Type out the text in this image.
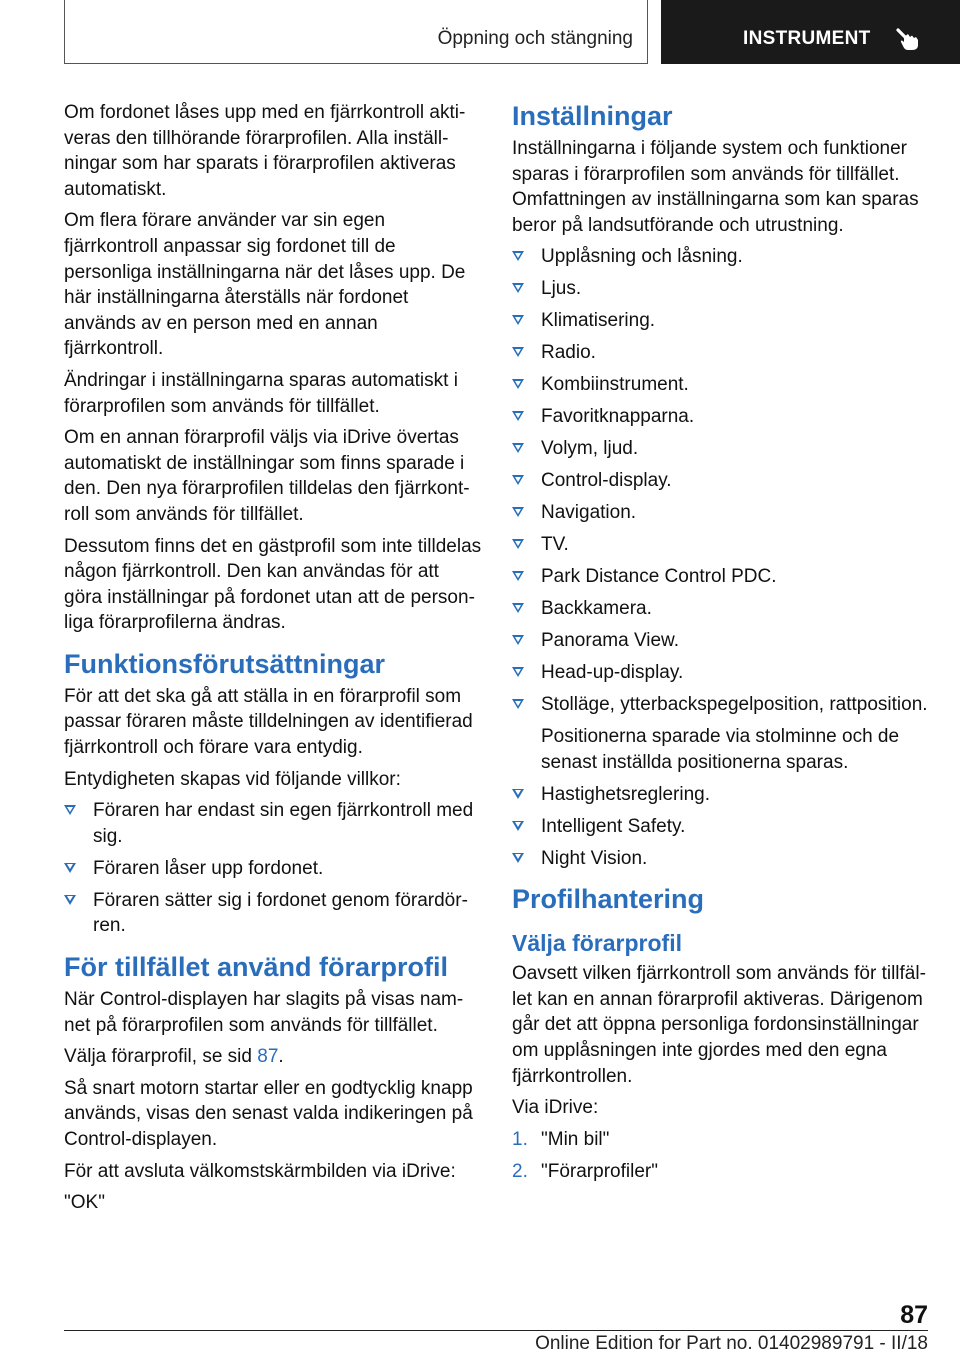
Öppning och stängning	INSTRUMENT

Om fordonet låses upp med en fjärrkontroll aktiveras den tillhörande förarprofilen. Alla inställningar som har sparats i förarprofilen aktiveras automatiskt.

Om flera förare använder var sin egen fjärrkontroll anpassar sig fordonet till de personliga inställningarna när det låses upp. De här inställningarna återställs när fordonet används av en person med en annan fjärrkontroll.

Ändringar i inställningarna sparas automatiskt i förarprofilen som används för tillfället.

Om en annan förarprofil väljs via iDrive övertas automatiskt de inställningar som finns sparade i den. Den nya förarprofilen tilldelas den fjärrkontroll som används för tillfället.

Dessutom finns det en gästprofil som inte tilldelas någon fjärrkontroll. Den kan användas för att göra inställningar på fordonet utan att de personliga förarprofilerna ändras.

Funktionsförutsättningar

För att det ska gå att ställa in en förarprofil som passar föraren måste tilldelningen av identifierad fjärrkontroll och förare vara entydig.

Entydigheten skapas vid följande villkor:

Föraren har endast sin egen fjärrkontroll med sig.
Föraren låser upp fordonet.
Föraren sätter sig i fordonet genom förardörren.
För tillfället använd förarprofil

När Control-displayen har slagits på visas namnet på förarprofilen som används för tillfället.

Välja förarprofil, se sid 87.

Så snart motorn startar eller en godtycklig knapp används, visas den senast valda indikeringen på Control-displayen.

För att avsluta välkomstskärmbilden via iDrive:

"OK"

Inställningar

Inställningarna i följande system och funktioner sparas i förarprofilen som används för tillfället. Omfattningen av inställningarna som kan sparas beror på landsutförande och utrustning.

Upplåsning och låsning.
Ljus.
Klimatisering.
Radio.
Kombiinstrument.
Favoritknapparna.
Volym, ljud.
Control-display.
Navigation.
TV.
Park Distance Control PDC.
Backkamera.
Panorama View.
Head-up-display.
Stolläge, ytterbackspegelposition, rattposition.
Positionerna sparade via stolminne och de senast inställda positionerna sparas.
Hastighetsreglering.
Intelligent Safety.
Night Vision.
Profilhantering
Välja förarprofil

Oavsett vilken fjärrkontroll som används för tillfället kan en annan förarprofil aktiveras. Därigenom går det att öppna personliga fordonsinställningar om upplåsningen inte gjordes med den egna fjärrkontrollen.

Via iDrive:

1. "Min bil"
2. "Förarprofiler"
87
Online Edition for Part no. 01402989791 - II/18
